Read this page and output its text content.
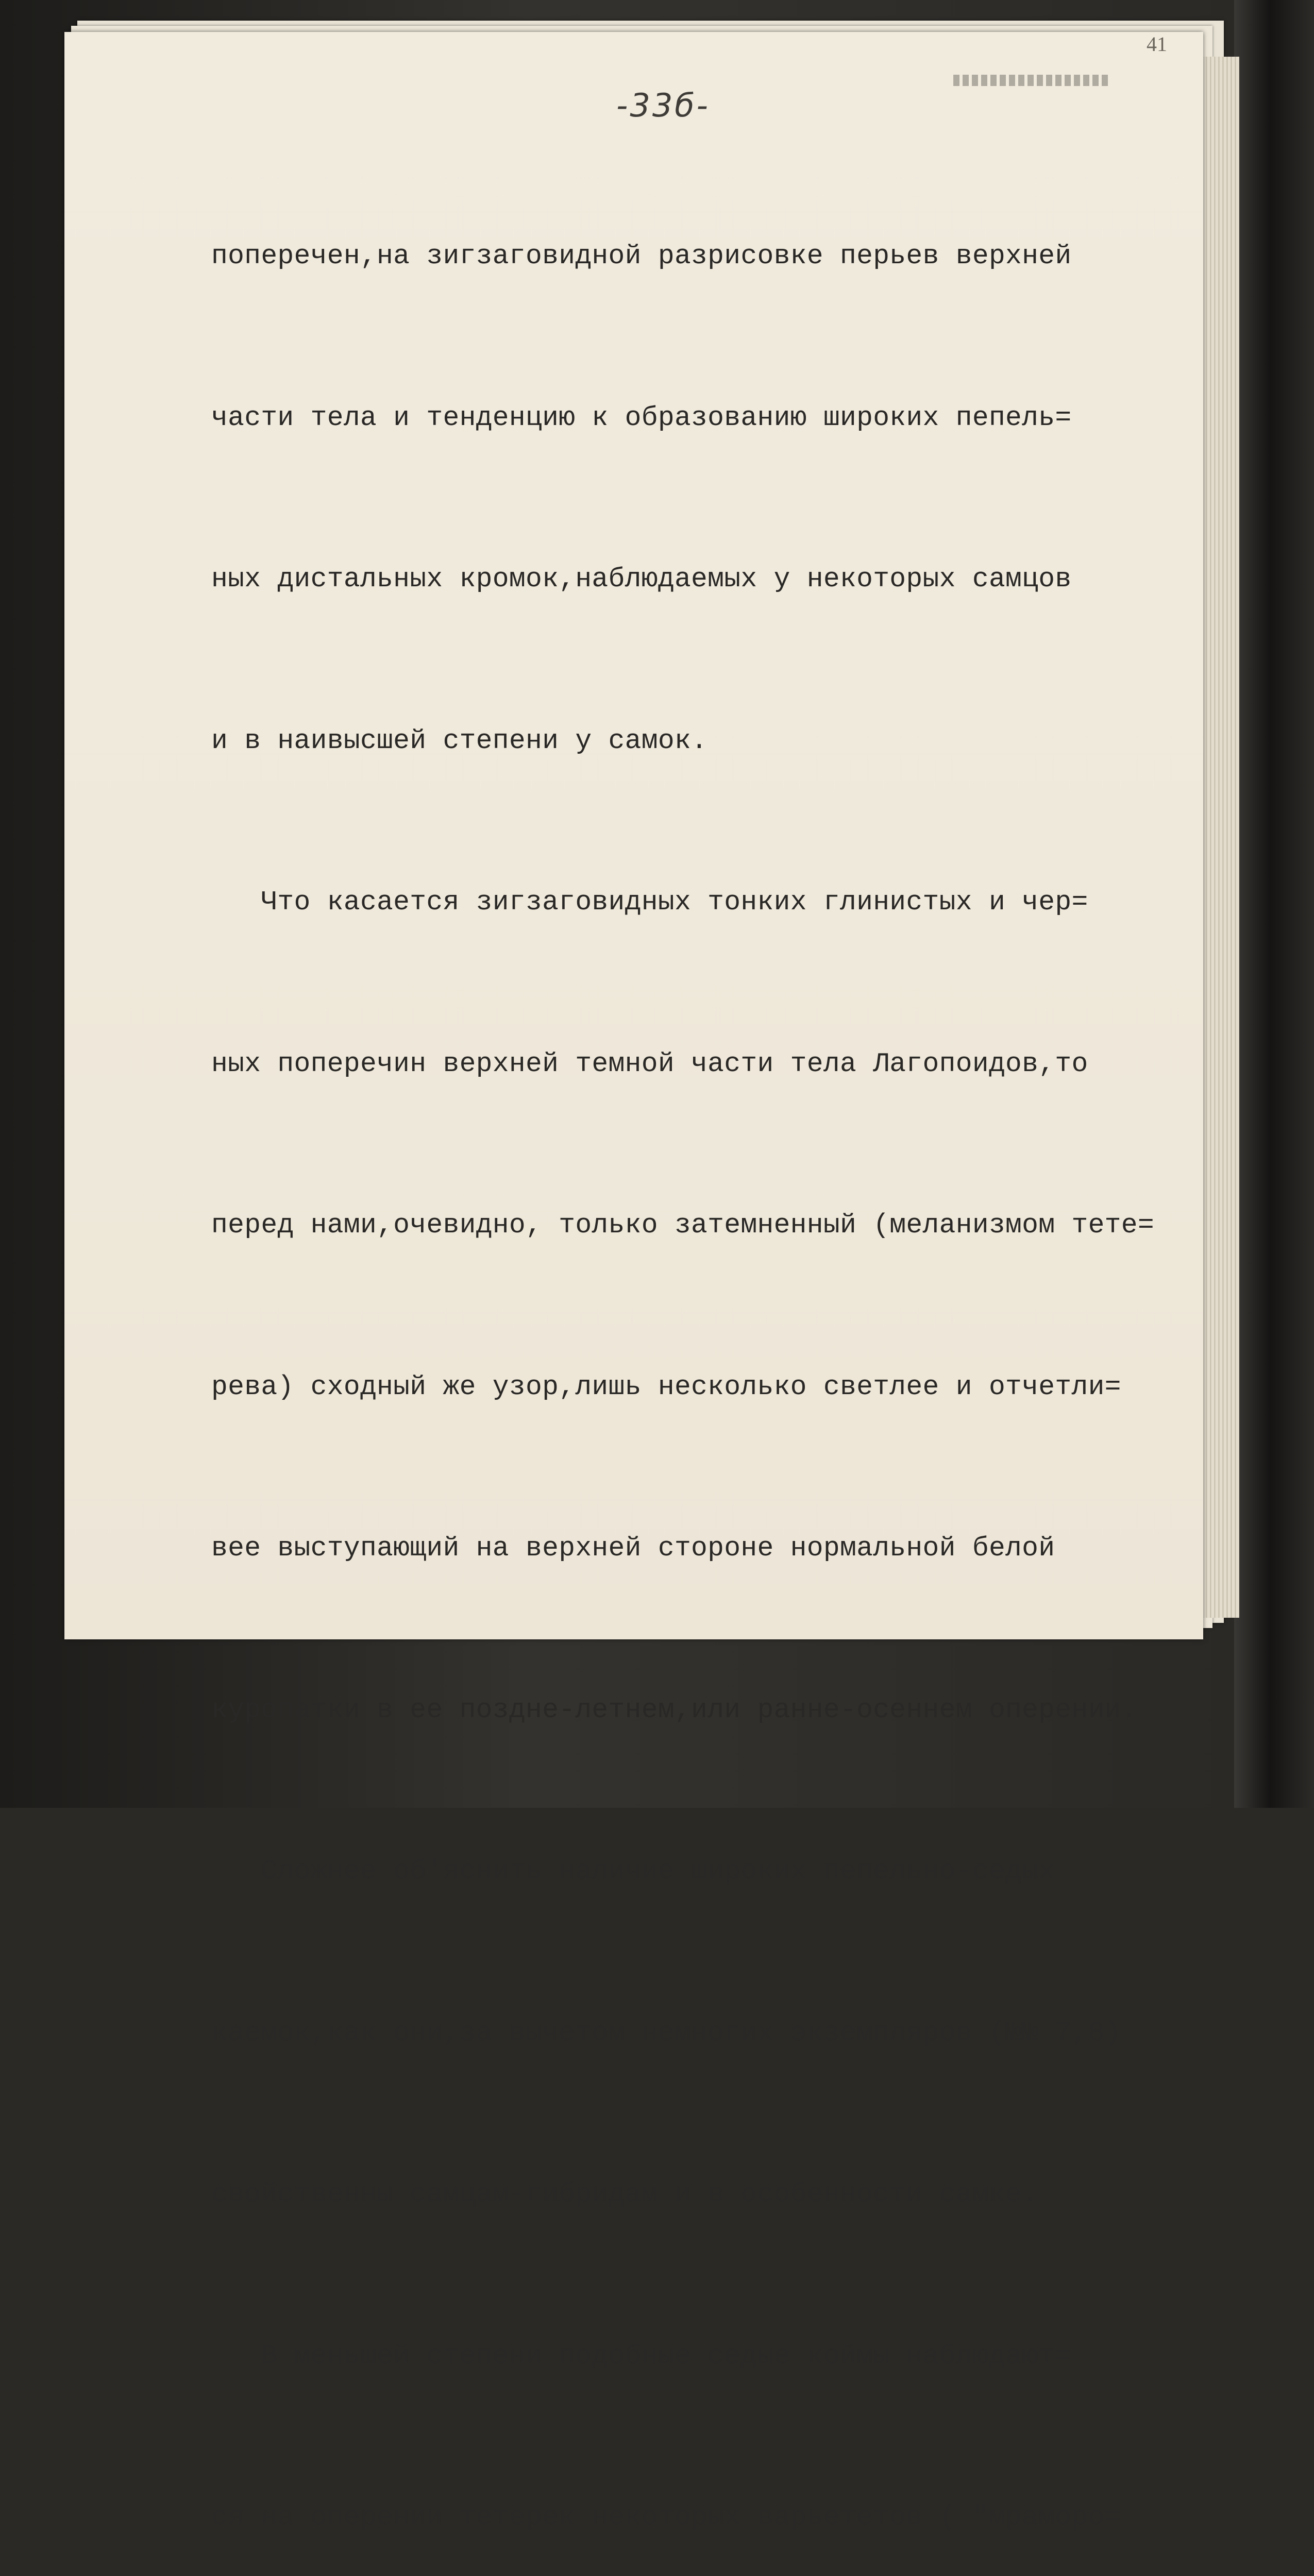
41
-33б-

поперечен,на зигзаговидной разрисовке перьев верхней

части тела и тенденцию к образованию широких пепель=

ных дистальных кромок,наблюдаемых у некоторых самцов

и в наивысшей степени у самок.

Что касается зигзаговидных тонких глинистых и чер=

ных поперечин верхней темной части тела Лагопоидов,то

перед нами,очевидно, только затемненный (меланизмом тете=

рева) сходный же узор,лишь несколько светлее и отчетли=

вее выступающий на верхней стороне нормальной белой

куропатки в ее поздне-летнем,или ранне-осеннем оперении.

Сложнее об'яснить наличие широких пепельно-седых

каемок,как они,за вычетом немногих экземпляров (№№ 7,8)

свойственны самцам-гибридам и в особенности самке.

В меньшей степени подобные седые коймы наблюдают=

ся на оперении тетерек некоторых варьететов ( "мраморо=
